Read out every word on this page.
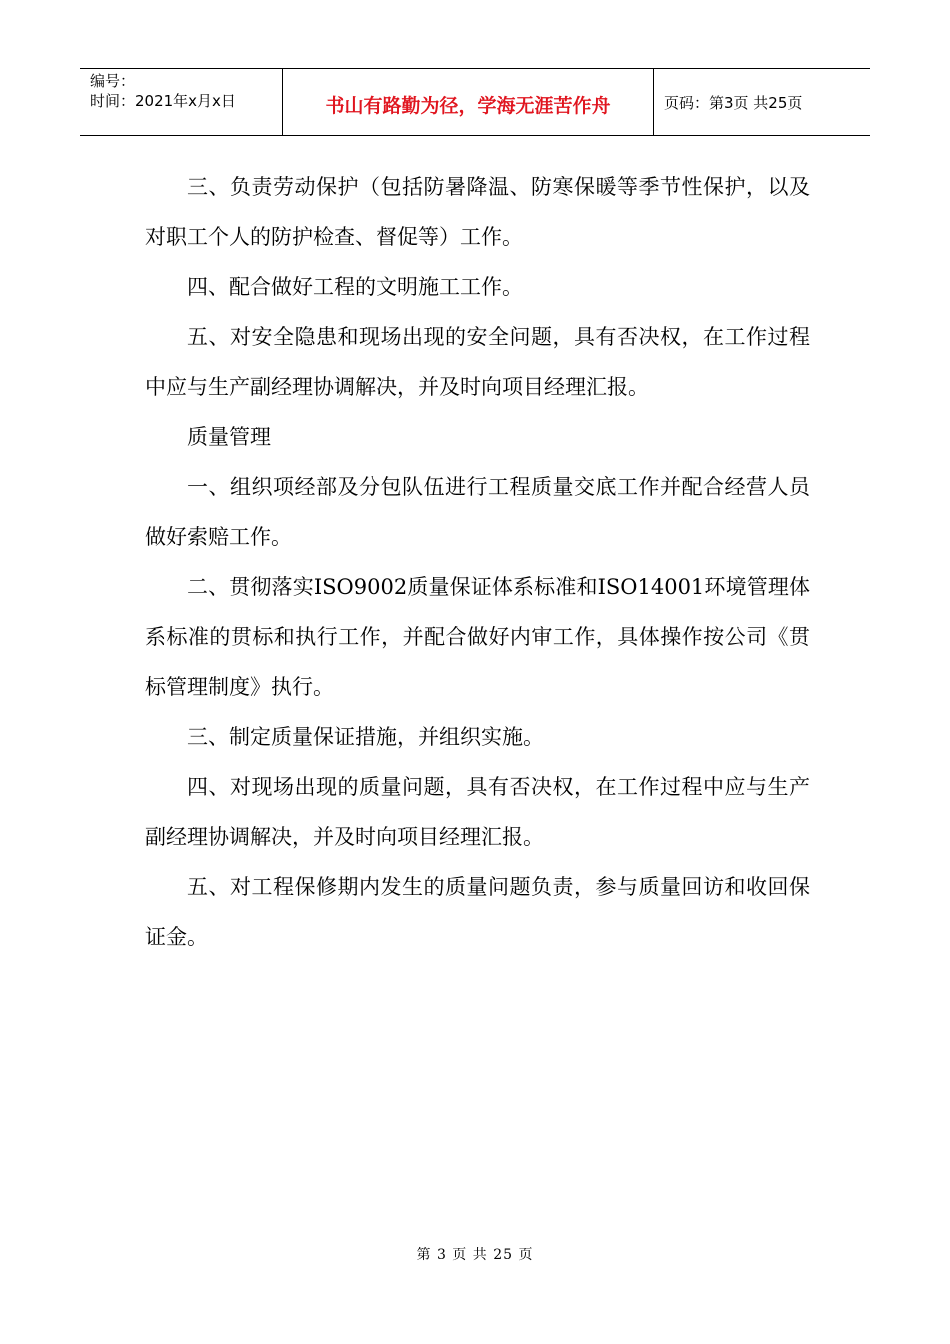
编号：
时间：2021年x月x日	书山有路勤为径，学海无涯苦作舟	页码：第3页 共25页

三、负责劳动保护（包括防暑降温、防寒保暖等季节性保护，以及对职工个人的防护检查、督促等）工作。

四、配合做好工程的文明施工工作。

五、对安全隐患和现场出现的安全问题，具有否决权，在工作过程中应与生产副经理协调解决，并及时向项目经理汇报。

质量管理

一、组织项经部及分包队伍进行工程质量交底工作并配合经营人员做好索赔工作。

二、贯彻落实ISO9002质量保证体系标准和ISO14001环境管理体系标准的贯标和执行工作，并配合做好内审工作，具体操作按公司《贯标管理制度》执行。

三、制定质量保证措施，并组织实施。

四、对现场出现的质量问题，具有否决权，在工作过程中应与生产副经理协调解决，并及时向项目经理汇报。

五、对工程保修期内发生的质量问题负责，参与质量回访和收回保证金。

第 3 页 共 25 页
